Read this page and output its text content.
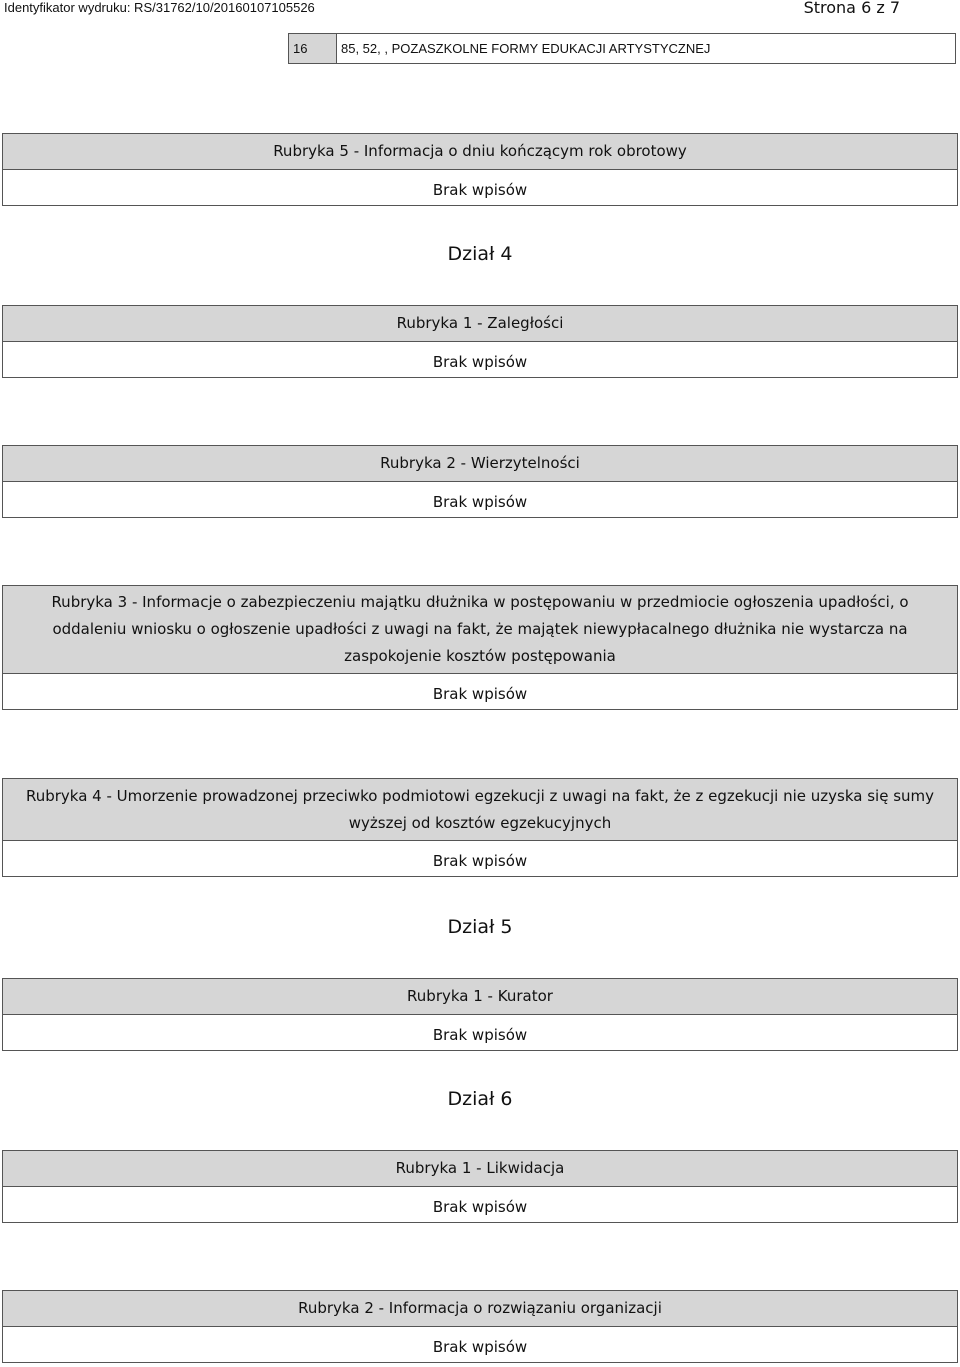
Identyfikator wydruku: RS/31762/10/20160107105526	Strona 6 z 7
16	85, 52, , POZASZKOLNE FORMY EDUKACJI ARTYSTYCZNEJ
Rubryka 5 - Informacja o dniu kończącym rok obrotowy
Brak wpisów
Dział 4
Rubryka 1 - Zaległości
Brak wpisów
Rubryka 2 - Wierzytelności
Brak wpisów
Rubryka 3 - Informacje o zabezpieczeniu majątku dłużnika w postępowaniu w przedmiocie ogłoszenia upadłości, o oddaleniu wniosku o ogłoszenie upadłości z uwagi na fakt, że majątek niewypłacalnego dłużnika nie wystarcza na zaspokojenie kosztów postępowania
Brak wpisów
Rubryka 4 - Umorzenie prowadzonej przeciwko podmiotowi egzekucji z uwagi na fakt, że z egzekucji nie uzyska się sumy wyższej od kosztów egzekucyjnych
Brak wpisów
Dział 5
Rubryka 1 - Kurator
Brak wpisów
Dział 6
Rubryka 1 - Likwidacja
Brak wpisów
Rubryka 2 - Informacja o rozwiązaniu organizacji
Brak wpisów
